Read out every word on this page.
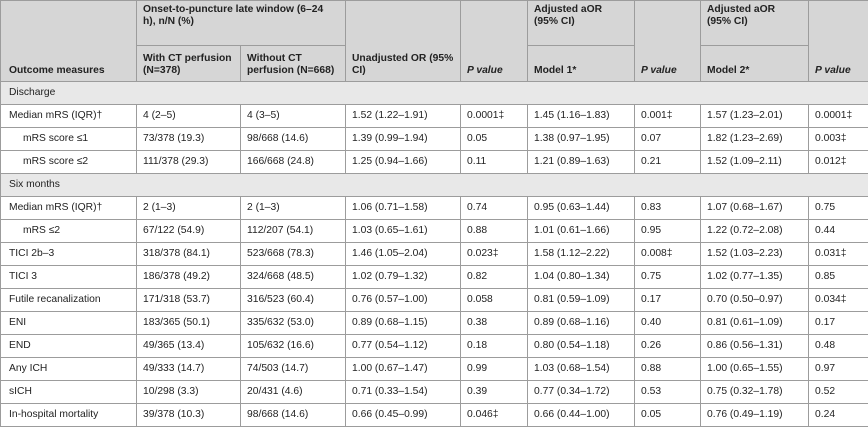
Outcome measures	Onset-to-puncture late window (6–24 h), n/N (%)		Unadjusted OR (95% CI)	P value	Adjusted aOR (95% CI)	P value	Adjusted aOR (95% CI)	P value

	With CT perfusion (N=378)	Without CT perfusion (N=668)			Model 1*		Model 2*	
Discharge								
Median mRS (IQR)†	4 (2–5)	4 (3–5)	1.52 (1.22–1.91)	0.0001‡	1.45 (1.16–1.83)	0.001‡	1.57 (1.23–2.01)	0.0001‡
mRS score ≤1	73/378 (19.3)	98/668 (14.6)	1.39 (0.99–1.94)	0.05	1.38 (0.97–1.95)	0.07	1.82 (1.23–2.69)	0.003‡
mRS score ≤2	111/378 (29.3)	166/668 (24.8)	1.25 (0.94–1.66)	0.11	1.21 (0.89–1.63)	0.21	1.52 (1.09–2.11)	0.012‡
Six months								
Median mRS (IQR)†	2 (1–3)	2 (1–3)	1.06 (0.71–1.58)	0.74	0.95 (0.63–1.44)	0.83	1.07 (0.68–1.67)	0.75
mRS ≤2	67/122 (54.9)	112/207 (54.1)	1.03 (0.65–1.61)	0.88	1.01 (0.61–1.66)	0.95	1.22 (0.72–2.08)	0.44
TICI 2b–3	318/378 (84.1)	523/668 (78.3)	1.46 (1.05–2.04)	0.023‡	1.58 (1.12–2.22)	0.008‡	1.52 (1.03–2.23)	0.031‡
TICI 3	186/378 (49.2)	324/668 (48.5)	1.02 (0.79–1.32)	0.82	1.04 (0.80–1.34)	0.75	1.02 (0.77–1.35)	0.85
Futile recanalization	171/318 (53.7)	316/523 (60.4)	0.76 (0.57–1.00)	0.058	0.81 (0.59–1.09)	0.17	0.70 (0.50–0.97)	0.034‡
ENI	183/365 (50.1)	335/632 (53.0)	0.89 (0.68–1.15)	0.38	0.89 (0.68–1.16)	0.40	0.81 (0.61–1.09)	0.17
END	49/365 (13.4)	105/632 (16.6)	0.77 (0.54–1.12)	0.18	0.80 (0.54–1.18)	0.26	0.86 (0.56–1.31)	0.48
Any ICH	49/333 (14.7)	74/503 (14.7)	1.00 (0.67–1.47)	0.99	1.03 (0.68–1.54)	0.88	1.00 (0.65–1.55)	0.97
sICH	10/298 (3.3)	20/431 (4.6)	0.71 (0.33–1.54)	0.39	0.77 (0.34–1.72)	0.53	0.75 (0.32–1.78)	0.52
In-hospital mortality	39/378 (10.3)	98/668 (14.6)	0.66 (0.45–0.99)	0.046‡	0.66 (0.44–1.00)	0.05	0.76 (0.49–1.19)	0.24
